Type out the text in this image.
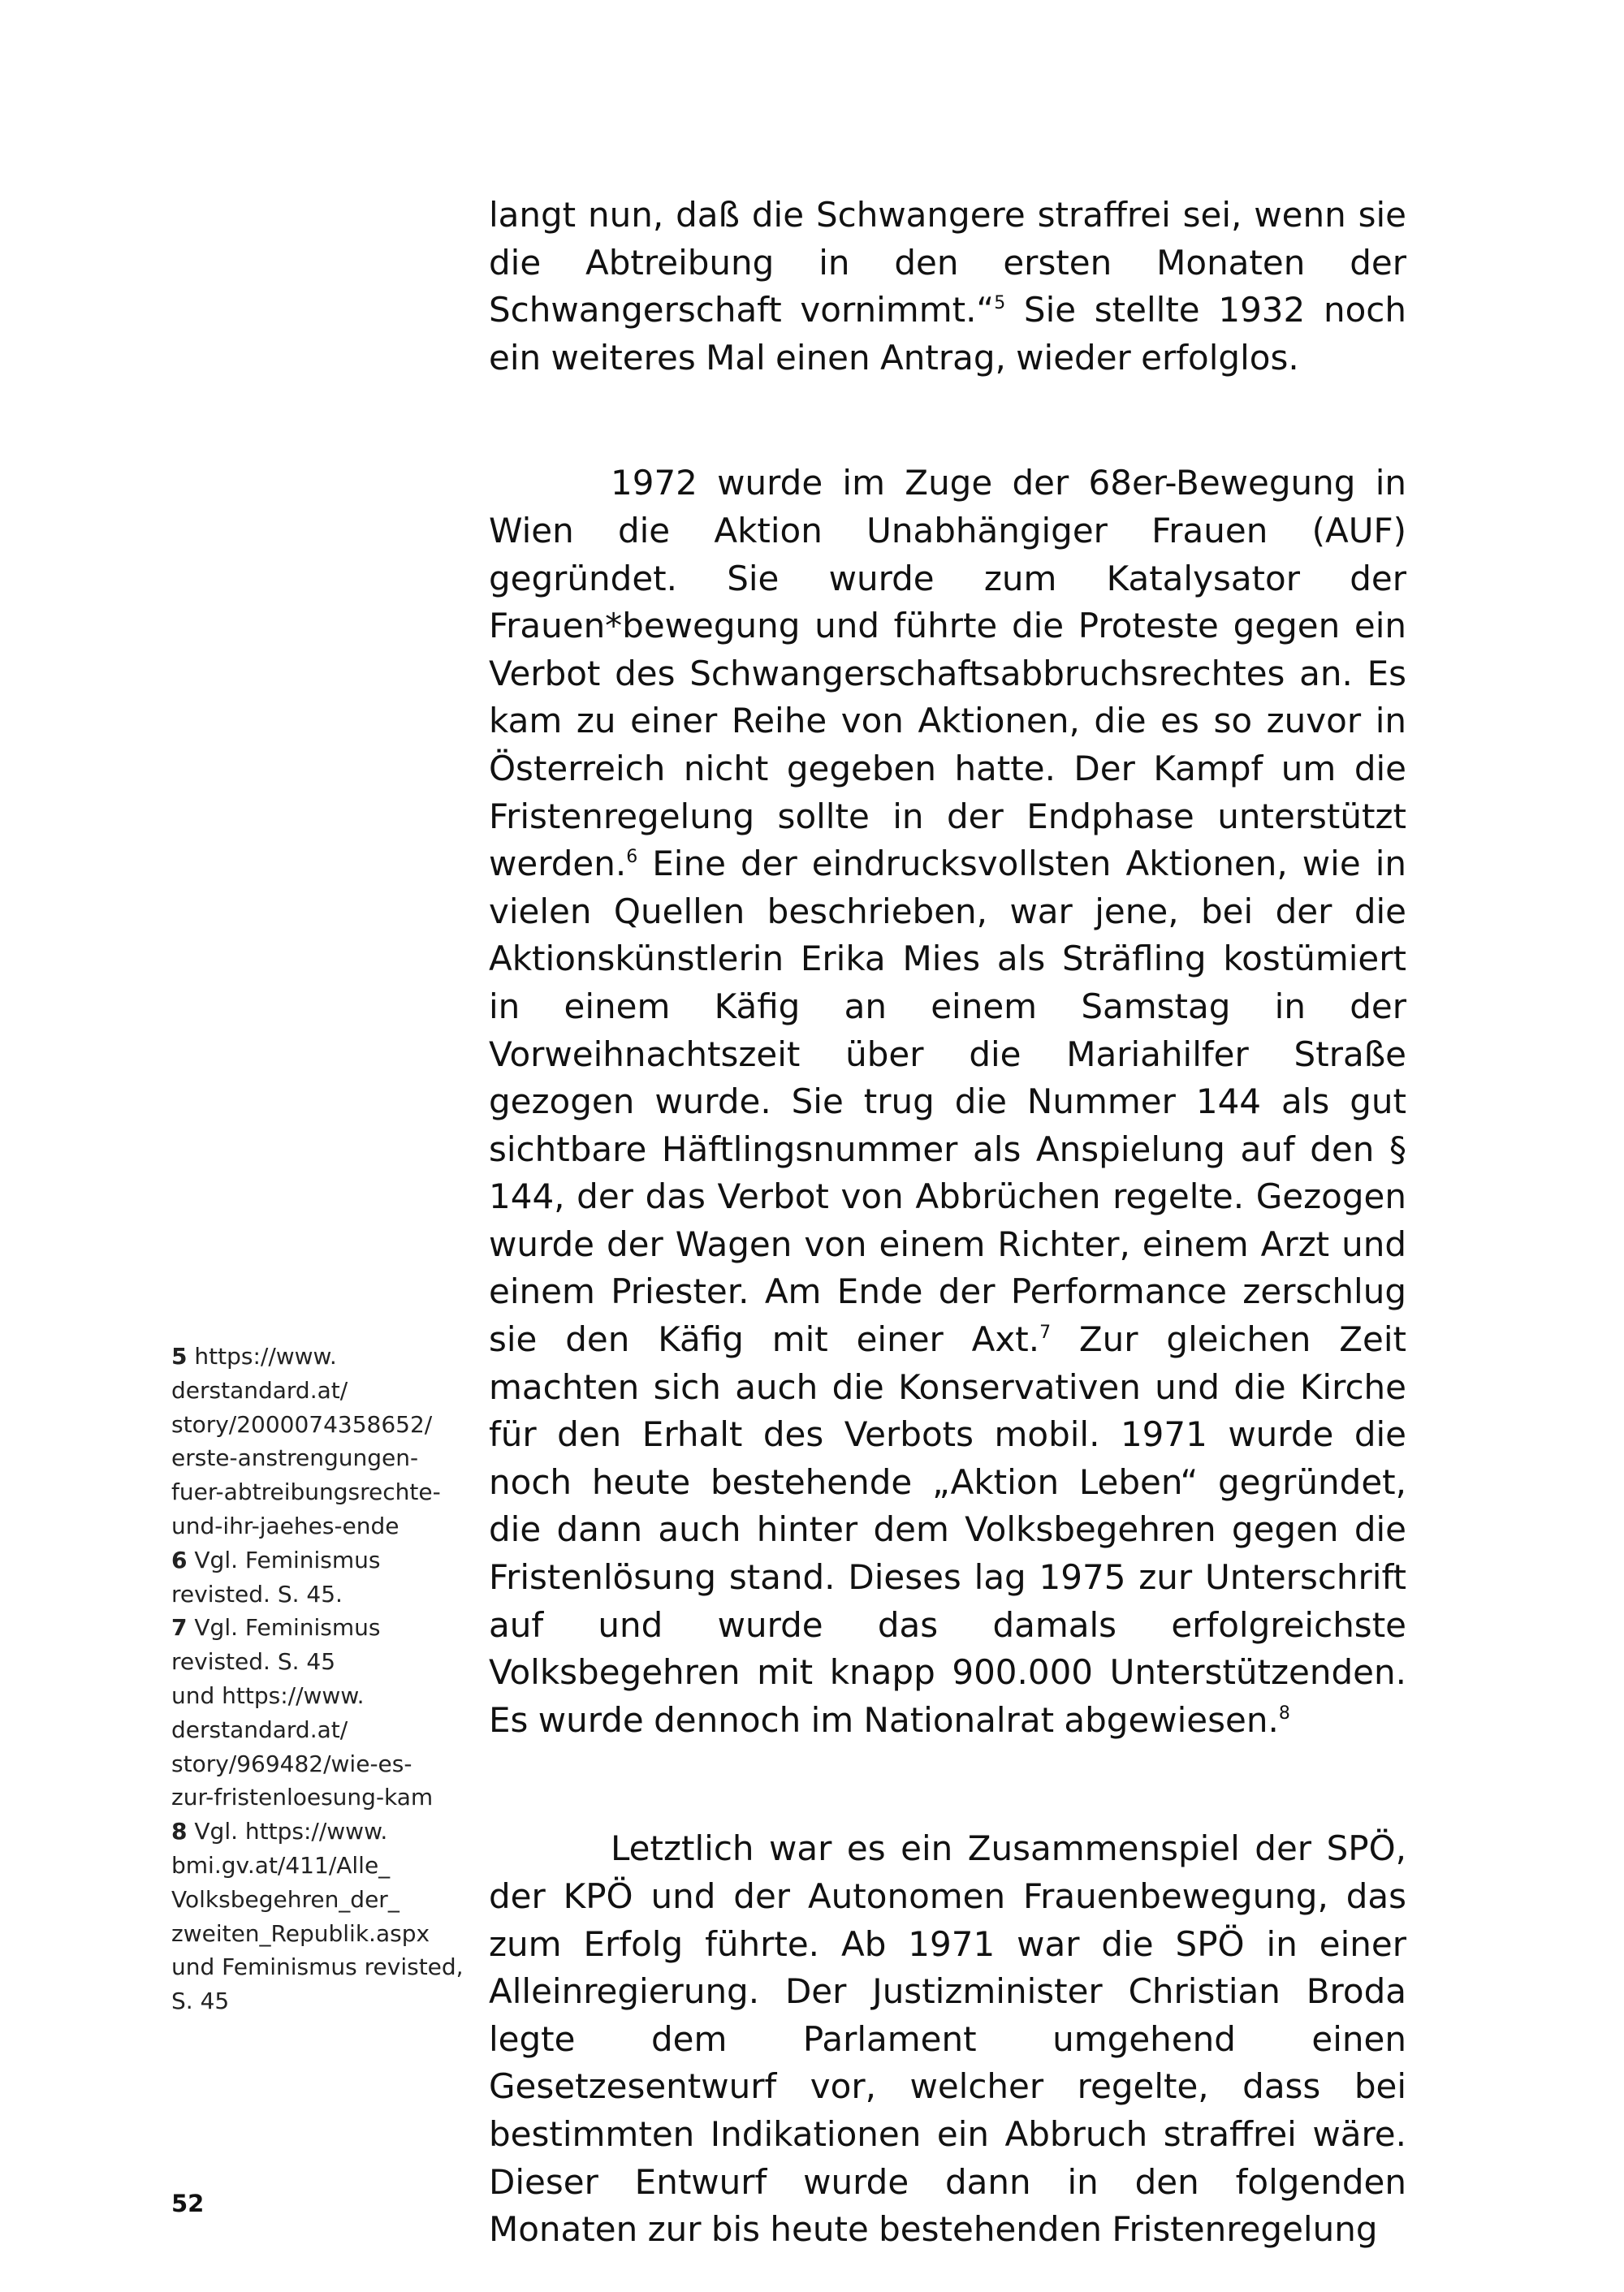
langt nun, daß die Schwangere straffrei sei, wenn sie die Abtreibung in den ersten Monaten der Schwangerschaft vornimmt.“$^5$ Sie stellte 1932 noch ein weiteres Mal einen Antrag, wieder erfolglos.

1972 wurde im Zuge der 68er-Bewegung in Wien die Aktion Unabhängiger Frauen (AUF) gegründet. Sie wurde zum Katalysator der Frauen*bewegung und führte die Proteste gegen ein Verbot des Schwangerschaftsabbruchsrechtes an. Es kam zu einer Reihe von Aktionen, die es so zuvor in Österreich nicht gegeben hatte. Der Kampf um die Fristenregelung sollte in der Endphase unterstützt werden.$^6$ Eine der eindrucksvollsten Aktionen, wie in vielen Quellen beschrieben, war jene, bei der die Aktionskünstlerin Erika Mies als Sträfling kostümiert in einem Käfig an einem Samstag in der Vorweihnachtszeit über die Mariahilfer Straße gezogen wurde. Sie trug die Nummer 144 als gut sichtbare Häftlingsnummer als Anspielung auf den § 144, der das Verbot von Abbrüchen regelte. Gezogen wurde der Wagen von einem Richter, einem Arzt und einem Priester. Am Ende der Performance zerschlug sie den Käfig mit einer Axt.$^7$ Zur gleichen Zeit machten sich auch die Konservativen und die Kirche für den Erhalt des Verbots mobil. 1971 wurde die noch heute bestehende „Aktion Leben“ gegründet, die dann auch hinter dem Volksbegehren gegen die Fristenlösung stand. Dieses lag 1975 zur Unterschrift auf und wurde das damals erfolgreichste Volksbegehren mit knapp 900.000 Unterstützenden. Es wurde dennoch im Nationalrat abgewiesen.$^8$

Letztlich war es ein Zusammenspiel der SPÖ, der KPÖ und der Autonomen Frauenbewegung, das zum Erfolg führte. Ab 1971 war die SPÖ in einer Alleinregierung. Der Justizminister Christian Broda legte dem Parlament umgehend einen Gesetzesentwurf vor, welcher regelte, dass bei bestimmten Indikationen ein Abbruch straffrei wäre. Dieser Entwurf wurde dann in den folgenden Monaten zur bis heute bestehenden Fristenregelung

5 https://www.
derstandard.at/
story/2000074358652/
erste-anstrengungen-
fuer-abtreibungsrechte-
und-ihr-jaehes-ende
6 Vgl. Feminismus
revisted. S. 45.
7 Vgl. Feminismus
revisted. S. 45
und https://www.
derstandard.at/
story/969482/wie-es-
zur-fristenloesung-kam
8 Vgl. https://www.
bmi.gv.at/411/Alle_
Volksbegehren_der_
zweiten_Republik.aspx
und Feminismus revisted,
S. 45
52
